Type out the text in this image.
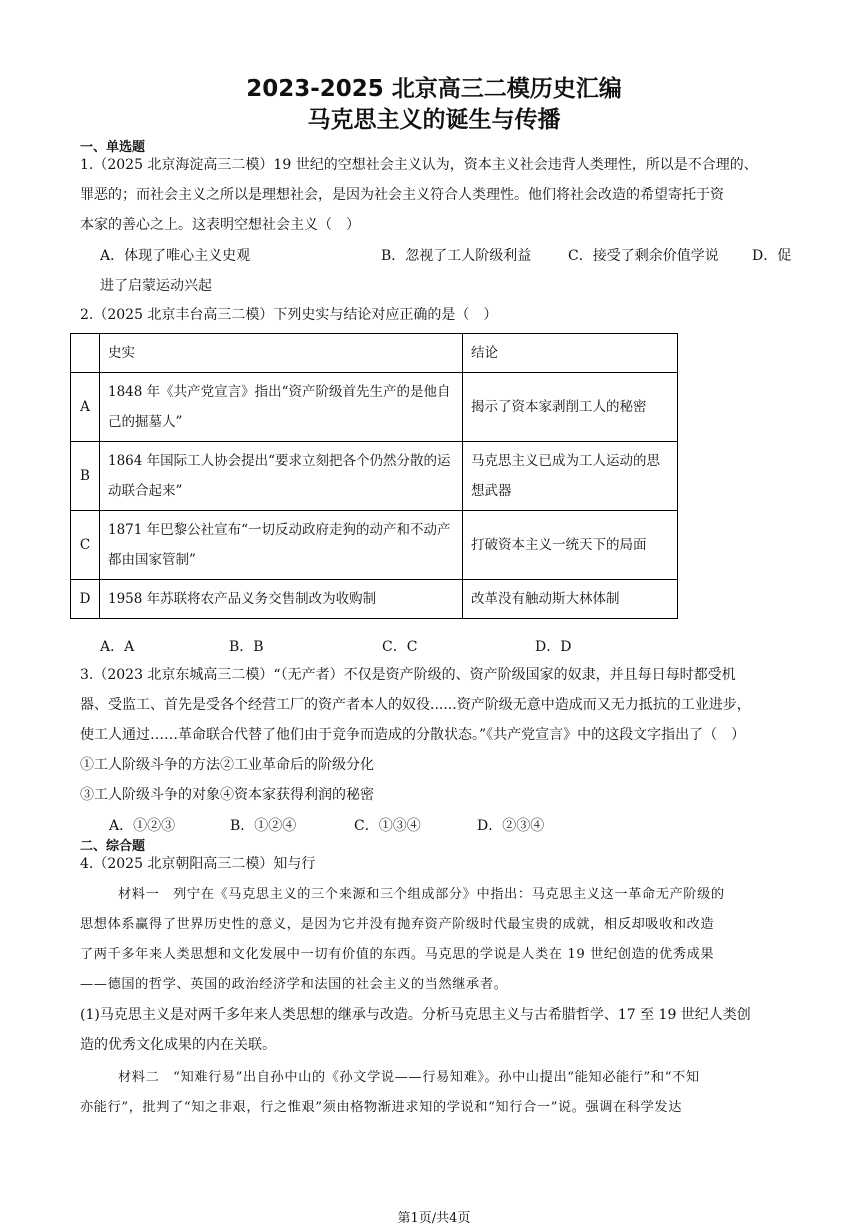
2023-2025 北京高三二模历史汇编
马克思主义的诞生与传播
一、单选题
1.（2025 北京海淀高三二模）19 世纪的空想社会主义认为，资本主义社会违背人类理性，所以是不合理的、
罪恶的；而社会主义之所以是理想社会，是因为社会主义符合人类理性。他们将社会改造的希望寄托于资
本家的善心之上。这表明空想社会主义（　）
A．体现了唯心主义史观	B．忽视了工人阶级利益	C．接受了剩余价值学说 D．促
进了启蒙运动兴起
2.（2025 北京丰台高三二模）下列史实与结论对应正确的是（　）
	史实	结论
A	1848 年《共产党宣言》指出“资产阶级首先生产的是他自己的掘墓人”	揭示了资本家剥削工人的秘密
B	1864 年国际工人协会提出“要求立刻把各个仍然分散的运动联合起来”	马克思主义已成为工人运动的思想武器
C	1871 年巴黎公社宣布“一切反动政府走狗的动产和不动产都由国家管制”	打破资本主义一统天下的局面
D	1958 年苏联将农产品义务交售制改为收购制	改革没有触动斯大林体制
A．A	B．B	C．C	D．D
3.（2023 北京东城高三二模）“（无产者）不仅是资产阶级的、资产阶级国家的奴隶，并且每日每时都受机
器、受监工、首先是受各个经营工厂的资产者本人的奴役......资产阶级无意中造成而又无力抵抗的工业进步，
使工人通过……革命联合代替了他们由于竞争而造成的分散状态。”《共产党宣言》中的这段文字指出了（　）
①工人阶级斗争的方法②工业革命后的阶级分化
③工人阶级斗争的对象④资本家获得利润的秘密
A．①②③	B．①②④	C．①③④	D．②③④
二、综合题
4.（2025 北京朝阳高三二模）知与行
材料一　列宁在《马克思主义的三个来源和三个组成部分》中指出：马克思主义这一革命无产阶级的
思想体系赢得了世界历史性的意义，是因为它并没有抛弃资产阶级时代最宝贵的成就，相反却吸收和改造
了两千多年来人类思想和文化发展中一切有价值的东西。马克思的学说是人类在 19 世纪创造的优秀成果
——德国的哲学、英国的政治经济学和法国的社会主义的当然继承者。
(1)马克思主义是对两千多年来人类思想的继承与改造。分析马克思主义与古希腊哲学、17 至 19 世纪人类创
造的优秀文化成果的内在关联。
材料二　“知难行易”出自孙中山的《孙文学说——行易知难》。孙中山提出“能知必能行”和“不知
亦能行”，批判了“知之非艰，行之惟艰”须由格物渐进求知的学说和“知行合一”说。强调在科学发达
第1页/共4页
